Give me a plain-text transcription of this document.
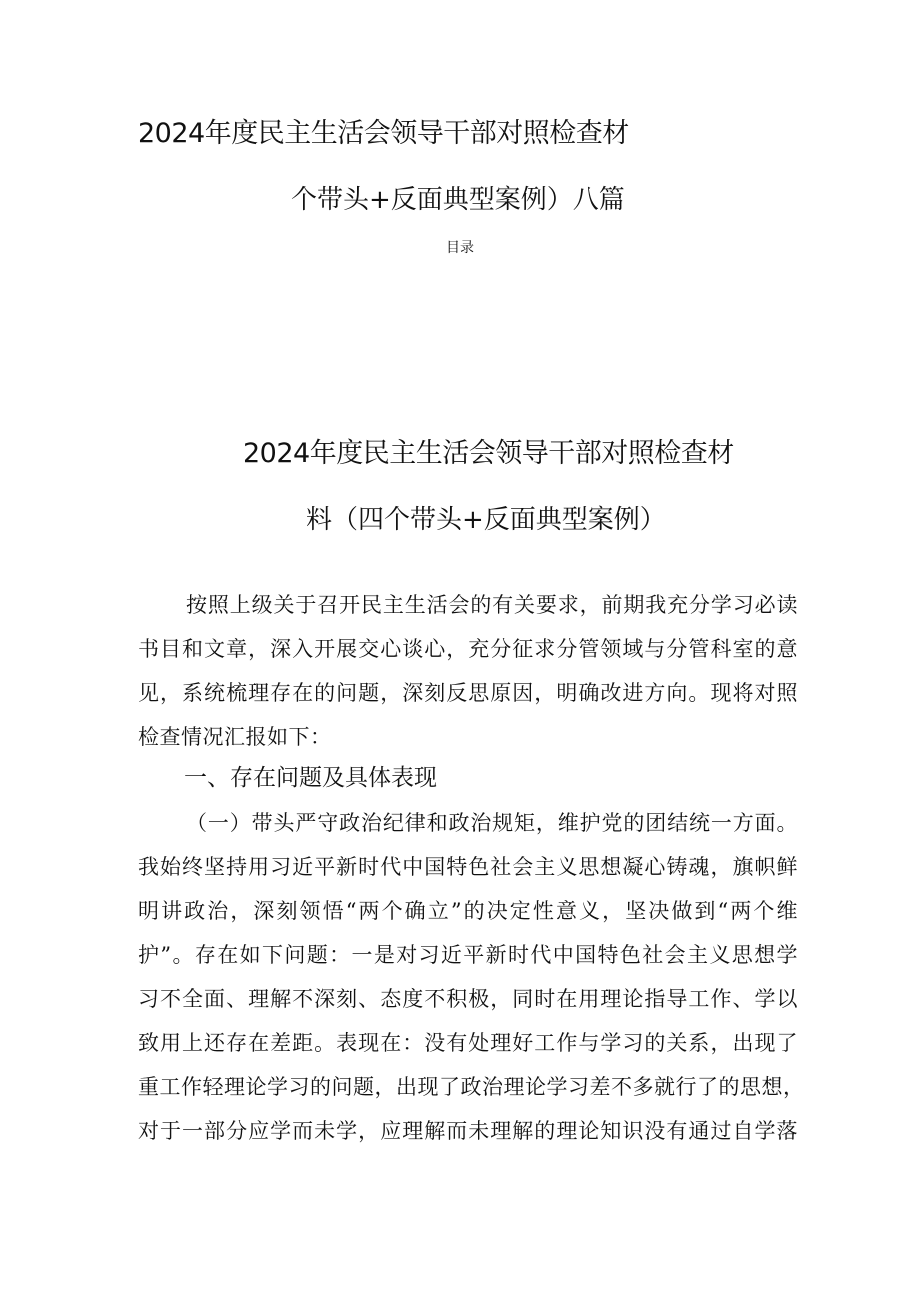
2024年度民主生活会领导干部对照检查材
个带头+反面典型案例）八篇
目录
2024年度民主生活会领导干部对照检查材
料（四个带头+反面典型案例）
按照上级关于召开民主生活会的有关要求，前期我充分学习必读
书目和文章，深入开展交心谈心，充分征求分管领域与分管科室的意
见，系统梳理存在的问题，深刻反思原因，明确改进方向。现将对照
检查情况汇报如下：
一、存在问题及具体表现
（一）带头严守政治纪律和政治规矩，维护党的团结统一方面。
我始终坚持用习近平新时代中国特色社会主义思想凝心铸魂，旗帜鲜
明讲政治，深刻领悟“两个确立”的决定性意义，坚决做到“两个维
护”。存在如下问题：一是对习近平新时代中国特色社会主义思想学
习不全面、理解不深刻、态度不积极，同时在用理论指导工作、学以
致用上还存在差距。表现在：没有处理好工作与学习的关系，出现了
重工作轻理论学习的问题，出现了政治理论学习差不多就行了的思想，
对于一部分应学而未学，应理解而未理解的理论知识没有通过自学落
